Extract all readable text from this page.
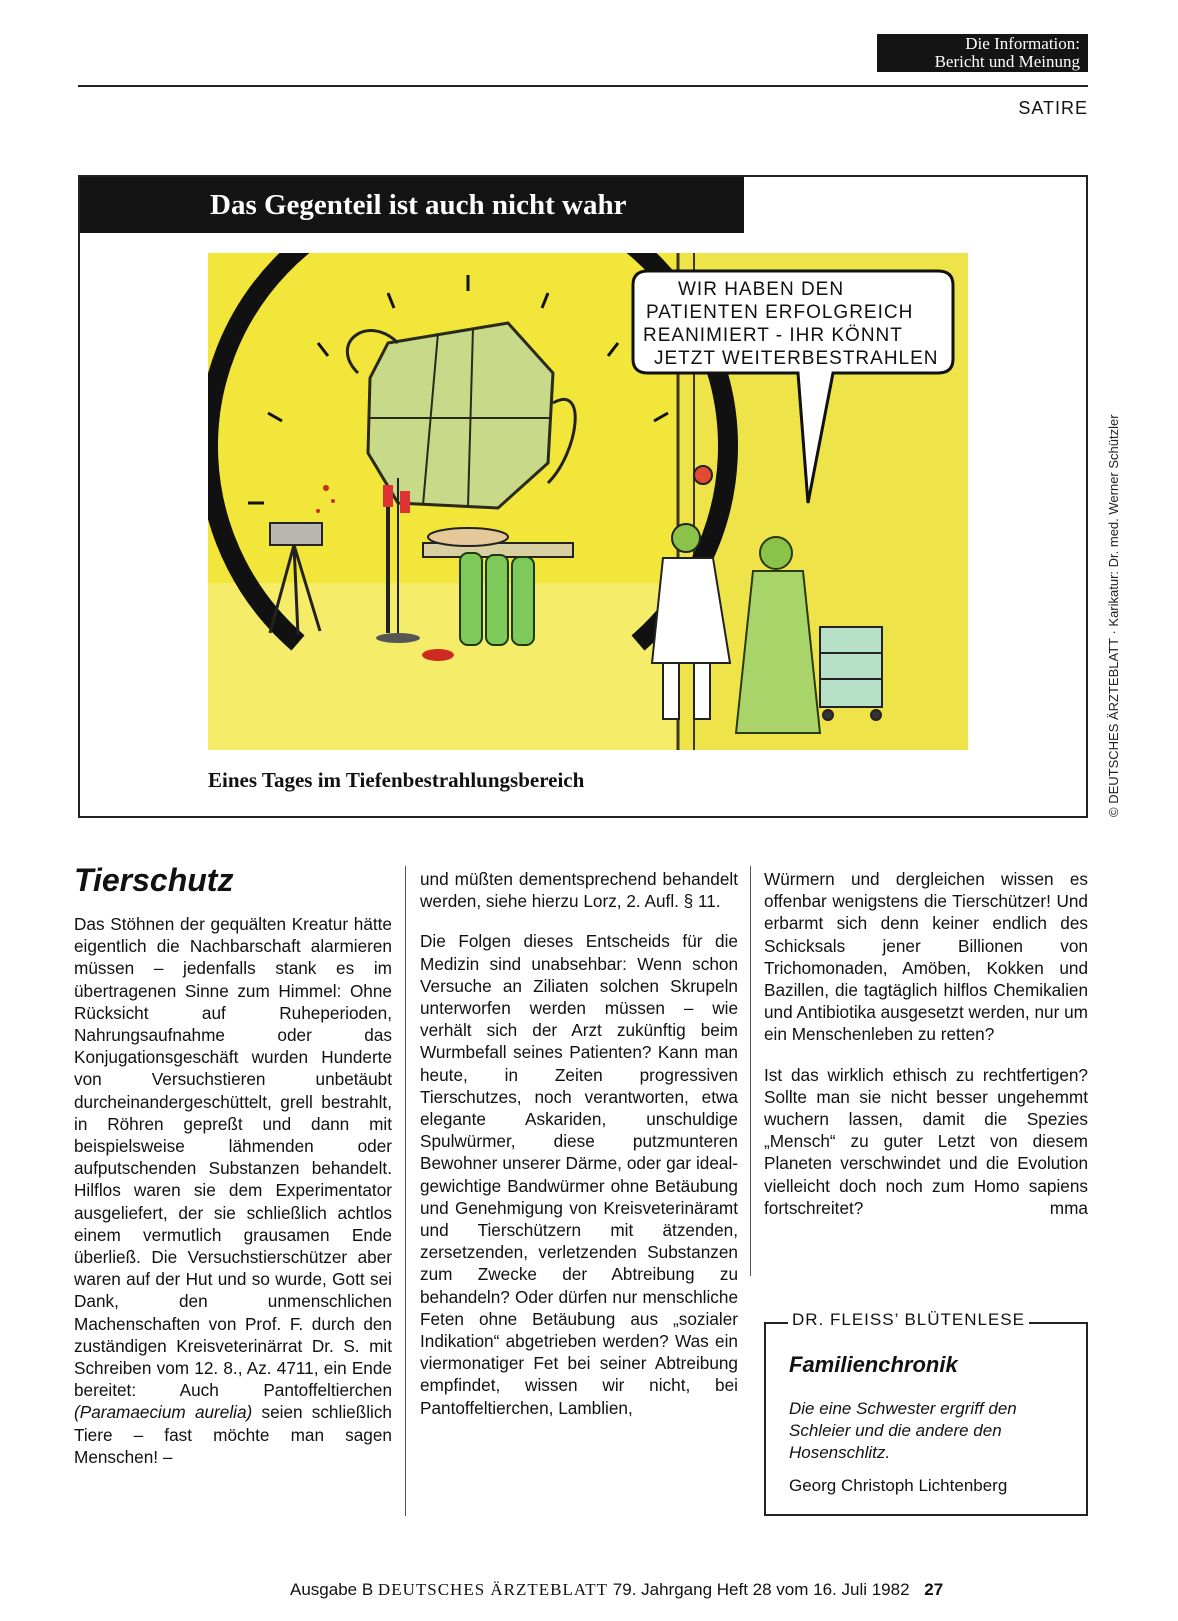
Die Information:
Bericht und Meinung
SATIRE
Das Gegenteil ist auch nicht wahr
WIR HABEN DEN
PATIENTEN ERFOLGREICH
REANIMIERT - IHR KÖNNT
JETZT WEITERBESTRAHLEN
Eines Tages im Tiefenbestrahlungsbereich	© DEUTSCHES ÄRZTEBLATT · Karikatur: Dr. med. Werner Schützler
Tierschutz

Das Stöhnen der gequälten Kreatur hätte eigentlich die Nachbarschaft alarmieren müssen – jedenfalls stank es im übertragenen Sinne zum Himmel: Ohne Rücksicht auf Ruheperioden, Nahrungsaufnahme oder das Konjugationsgeschäft wurden Hunderte von Versuchstieren unbetäubt durcheinandergeschüttelt, grell bestrahlt, in Röhren gepreßt und dann mit beispielsweise lähmenden oder aufputschenden Substanzen behandelt. Hilflos waren sie dem Experimentator ausgeliefert, der sie schließlich achtlos einem vermutlich grausamen Ende überließ. Die Versuchstierschützer aber waren auf der Hut und so wurde, Gott sei Dank, den unmenschlichen Machenschaften von Prof. F. durch den zuständigen Kreisveterinärrat Dr. S. mit Schreiben vom 12. 8., Az. 4711, ein Ende bereitet: Auch Pantoffeltierchen (Paramaecium aurelia) seien schließlich Tiere – fast möchte man sagen Menschen! –

und müßten dementsprechend behandelt werden, siehe hierzu Lorz, 2. Aufl. § 11.

Die Folgen dieses Entscheids für die Medizin sind unabsehbar: Wenn schon Versuche an Ziliaten solchen Skrupeln unterworfen werden müssen – wie verhält sich der Arzt zukünftig beim Wurmbefall seines Patienten? Kann man heute, in Zeiten progressiven Tierschutzes, noch verantworten, etwa elegante Askariden, unschuldige Spulwürmer, diese putzmunteren Bewohner unserer Därme, oder gar ideal-gewichtige Bandwürmer ohne Betäubung und Genehmigung von Kreisveterinäramt und Tierschützern mit ätzenden, zersetzenden, verletzenden Substanzen zum Zwecke der Abtreibung zu behandeln? Oder dürfen nur menschliche Feten ohne Betäubung aus „sozialer Indikation“ abgetrieben werden? Was ein viermonatiger Fet bei seiner Abtreibung empfindet, wissen wir nicht, bei Pantoffeltierchen, Lamblien,

Würmern und dergleichen wissen es offenbar wenigstens die Tierschützer! Und erbarmt sich denn keiner endlich des Schicksals jener Billionen von Trichomonaden, Amöben, Kokken und Bazillen, die tagtäglich hilflos Chemikalien und Antibiotika ausgesetzt werden, nur um ein Menschenleben zu retten?

Ist das wirklich ethisch zu rechtfertigen? Sollte man sie nicht besser ungehemmt wuchern lassen, damit die Spezies „Mensch“ zu guter Letzt von diesem Planeten verschwindet und die Evolution vielleicht doch noch zum Homo sapiens fortschreitet?	mma

DR. FLEISS’ BLÜTENLESE
Familienchronik
Die eine Schwester ergriff den Schleier und die andere den Hosenschlitz.
Georg Christoph Lichtenberg
Ausgabe B DEUTSCHES ÄRZTEBLATT 79. Jahrgang Heft 28 vom 16. Juli 1982 27
